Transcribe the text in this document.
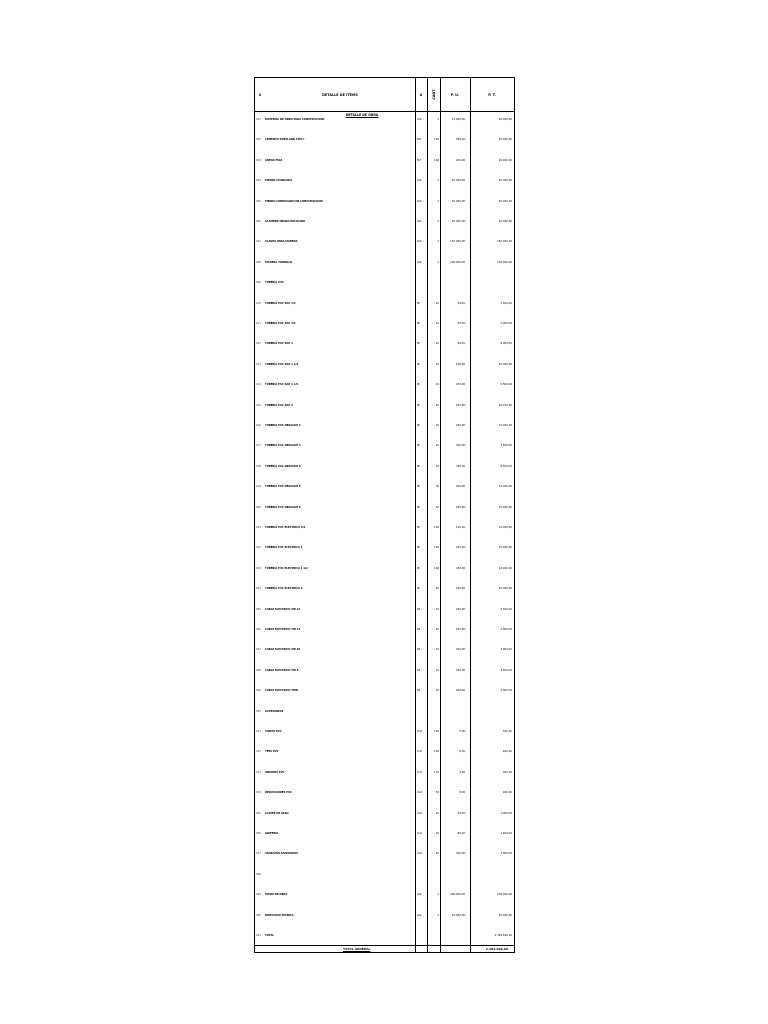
#	DETALLE DE ITEMS	U	CANT	P. U.	P. T.
DETALLE DE OBRA
001	MATERIAL DE OBRA PARA CONSTRUCCION	Glb	1	25.000,00	50.000,00
002	CEMENTO PORTLAND TIPO I	Bls	100	380,00	38.000,00
003	ARENA FINA	M3	100	200,00	20.000,00
004	PIEDRA CHANCADA	Glb	1	20.000,00	20.000,00
005	FIERRO CORRUGADO DE CONSTRUCCION	Glb	1	30.000,00	30.000,00
006	ALAMBRE NEGRO RECOCIDO	Glb	1	20.000,00	20.000,00
007	CLAVOS PARA MADERA	Glb	1	150.000,00	150.000,00
008	MADERA TORNILLO	Glb	1	100.000,00	100.000,00
009	TUBERIA PVC
010	TUBERIA PVC SAP 1/2	Ml	10	50,00	1.500,00
011	TUBERIA PVC SAP 3/4	Ml	10	60,00	5.000,00
012	TUBERIA PVC SAP 1	Ml	10	80,00	8.000,00
013	TUBERIA PVC SAP 1 1/4	Ml	10	100,00	10.000,00
014	TUBERIA PVC SAP 1 1/2	Ml	10	150,00	5.500,00
015	TUBERIA PVC SAP 2	Ml	10	200,00	25.700,00
016	TUBERIA PVC DESAGUE 2	Ml	20	250,00	12.000,00
017	TUBERIA PVC DESAGUE 3	Ml	20	300,00	3.650,00
018	TUBERIA PVC DESAGUE 4	Ml	20	350,00	9.850,00
019	TUBERIA PVC DESAGUE 6	Ml	30	400,00	12.400,00
020	TUBERIA PVC DESAGUE 8	Ml	30	450,00	15.000,00
021	TUBERIA PVC ELECTRICA 3/4	Ml	100	120,00	12.000,00
022	TUBERIA PVC ELECTRICA 1	Ml	100	150,00	15.000,00
023	TUBERIA PVC ELECTRICA 1 1/2	Ml	100	180,00	18.000,00
024	TUBERIA PVC ELECTRICA 2	Ml	50	200,00	10.000,00
025	CABLE ELECTRICO TW 12	Rll	10	250,00	2.500,00
026	CABLE ELECTRICO TW 14	Rll	10	200,00	2.000,00
027	CABLE ELECTRICO TW 10	Rll	10	300,00	3.000,00
028	CABLE ELECTRICO TW 8	Rll	10	350,00	3.500,00
029	CABLE ELECTRICO THW	Rll	10	400,00	4.000,00
030	ACCESORIOS
031	CODOS PVC	Und	100	5,00	500,00
032	TEES PVC	Und	100	6,00	600,00
033	UNIONES PVC	Und	100	4,00	400,00
034	REDUCCIONES PVC	Und	50	8,00	400,00
035	LLAVES DE PASO	Und	20	50,00	1.000,00
036	GRIFERIA	Und	20	80,00	1.600,00
037	APARATOS SANITARIOS	Und	10	300,00	3.000,00
038
039	MANO DE OBRA	Glb	1	200.000,00	200.000,00
040	DIRECCION TECNICA	Glb	1	50.000,00	50.000,00
041	TOTAL	2.384.690,00
TOTAL GENERAL	2.384.690,00
